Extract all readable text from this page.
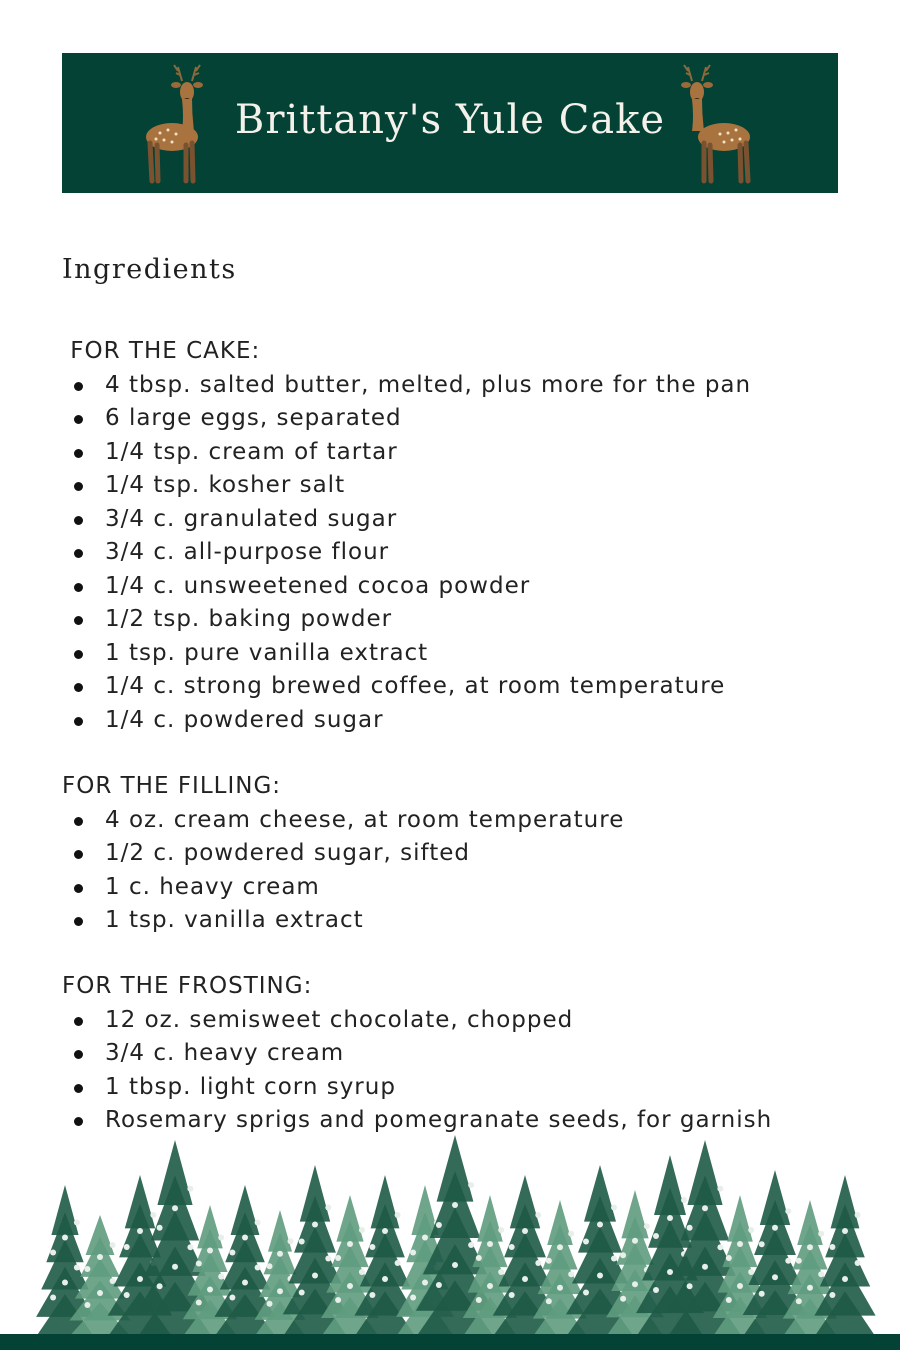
Brittany's Yule Cake
Ingredients
FOR THE CAKE:
4 tbsp. salted butter, melted, plus more for the pan
6 large eggs, separated
1/4 tsp. cream of tartar
1/4 tsp. kosher salt
3/4 c. granulated sugar
3/4 c. all-purpose flour
1/4 c. unsweetened cocoa powder
1/2 tsp. baking powder
1 tsp. pure vanilla extract
1/4 c. strong brewed coffee, at room temperature
1/4 c. powdered sugar
FOR THE FILLING:
4 oz. cream cheese, at room temperature
1/2 c. powdered sugar, sifted
1 c. heavy cream
1 tsp. vanilla extract
FOR THE FROSTING:
12 oz. semisweet chocolate, chopped
3/4 c. heavy cream
1 tbsp. light corn syrup
Rosemary sprigs and pomegranate seeds, for garnish
